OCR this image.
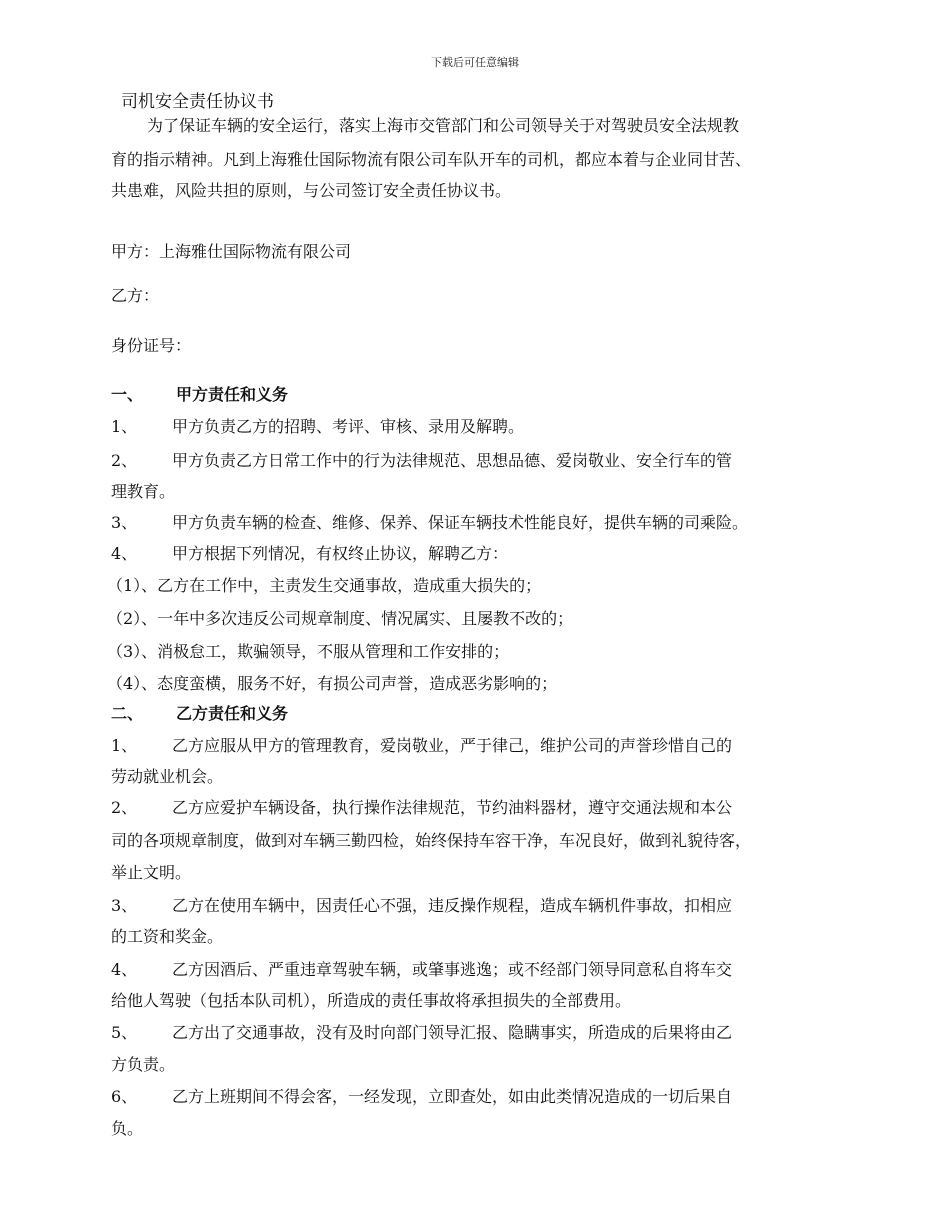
下载后可任意编辑
司机安全责任协议书
为了保证车辆的安全运行，落实上海市交管部门和公司领导关于对驾驶员安全法规教
育的指示精神。凡到上海雅仕国际物流有限公司车队开车的司机，都应本着与企业同甘苦、
共患难，风险共担的原则，与公司签订安全责任协议书。
甲方：上海雅仕国际物流有限公司
乙方：
身份证号：
一、 甲方责任和义务
1、 甲方负责乙方的招聘、考评、审核、录用及解聘。
2、 甲方负责乙方日常工作中的行为法律规范、思想品德、爱岗敬业、安全行车的管
理教育。
3、 甲方负责车辆的检查、维修、保养、保证车辆技术性能良好，提供车辆的司乘险。
4、 甲方根据下列情况，有权终止协议，解聘乙方：
（1）、乙方在工作中，主责发生交通事故，造成重大损失的；
（2）、一年中多次违反公司规章制度、情况属实、且屡教不改的；
（3）、消极怠工，欺骗领导，不服从管理和工作安排的；
（4）、态度蛮横，服务不好，有损公司声誉，造成恶劣影响的；
二、 乙方责任和义务
1、 乙方应服从甲方的管理教育，爱岗敬业，严于律己，维护公司的声誉珍惜自己的
劳动就业机会。
2、 乙方应爱护车辆设备，执行操作法律规范，节约油料器材，遵守交通法规和本公
司的各项规章制度，做到对车辆三勤四检，始终保持车容干净，车况良好，做到礼貌待客，
举止文明。
3、 乙方在使用车辆中，因责任心不强，违反操作规程，造成车辆机件事故，扣相应
的工资和奖金。
4、 乙方因酒后、严重违章驾驶车辆，或肇事逃逸；或不经部门领导同意私自将车交
给他人驾驶（包括本队司机），所造成的责任事故将承担损失的全部费用。
5、 乙方出了交通事故，没有及时向部门领导汇报、隐瞒事实，所造成的后果将由乙
方负责。
6、 乙方上班期间不得会客，一经发现，立即查处，如由此类情况造成的一切后果自
负。
